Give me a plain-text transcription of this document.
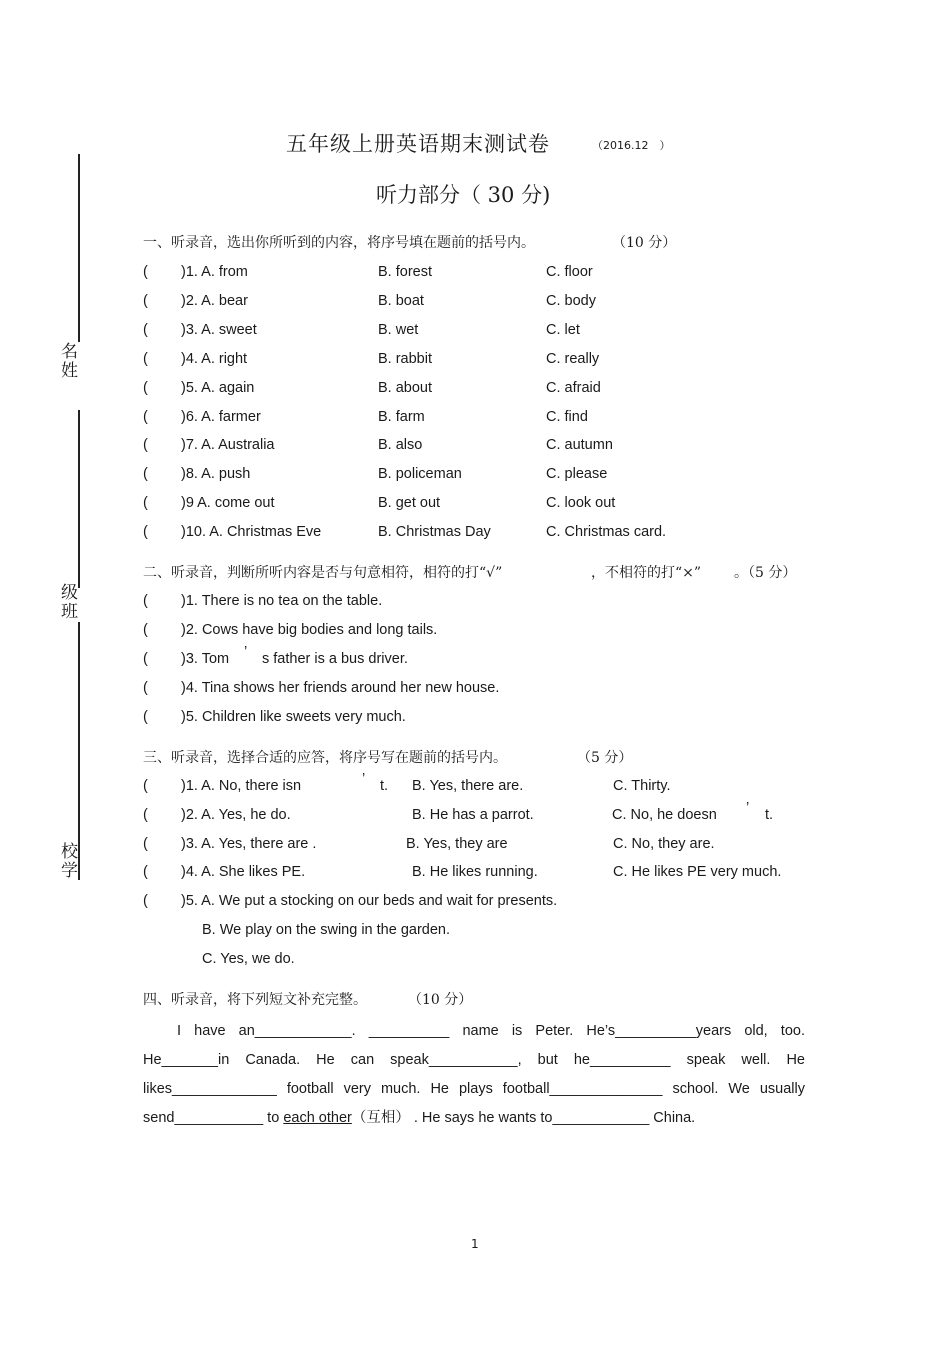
名
姓
级
班
校
学
五年级上册英语期末测试卷	（2016.12　）
听力部分（ 30 分)
一、听录音，选出你所听到的内容，将序号填在题前的括号内。	（10 分）
( )1. A. from	B. forest	C. floor
( )2. A. bear	B. boat	C. body
( )3. A. sweet	B. wet	C. let
( )4. A. right	B. rabbit	C. really
( )5. A. again	B. about	C. afraid
( )6. A. farmer	B. farm	C. find
( )7. A. Australia	B. also	C. autumn
( )8. A. push	B. policeman	C. please
( )9 A. come out	B. get out	C. look out
( )10. A. Christmas Eve	B. Christmas Day	C. Christmas card.
二、听录音，判断所听内容是否与句意相符，相符的打“√”	，不相符的打“×” 。（5 分）
( )1. There is no tea on the table.
( )2. Cows have big bodies and long tails.
( )3. Tom ’ s father is a bus driver.
( )4. Tina shows her friends around her new house.
( )5. Children like sweets very much.
三、听录音，选择合适的应答，将序号写在题前的括号内。	（5 分）
( )1. A. No, there isn	’ t. B. Yes, there are.	C. Thirty.
( )2. A. Yes, he do.	B. He has a parrot.	C. No, he doesn ’ t.
( )3. A. Yes, there are .	B. Yes, they are	C. No, they are.
( )4. A. She likes PE.	B. He likes running.	C. He likes PE very much.
( )5. A. We put a stocking on our beds and wait for presents.
B. We play on the swing in the garden.
C. Yes, we do.
四、听录音，将下列短文补充完整。	（10 分）
I have an____________. __________ name is Peter. He’s__________years old, too.
He_______in Canada. He can speak___________, but he__________ speak well. He
likes_____________ football very much. He plays football______________ school. We usually
send___________ to each other（互相） . He says he wants to____________ China.
1
